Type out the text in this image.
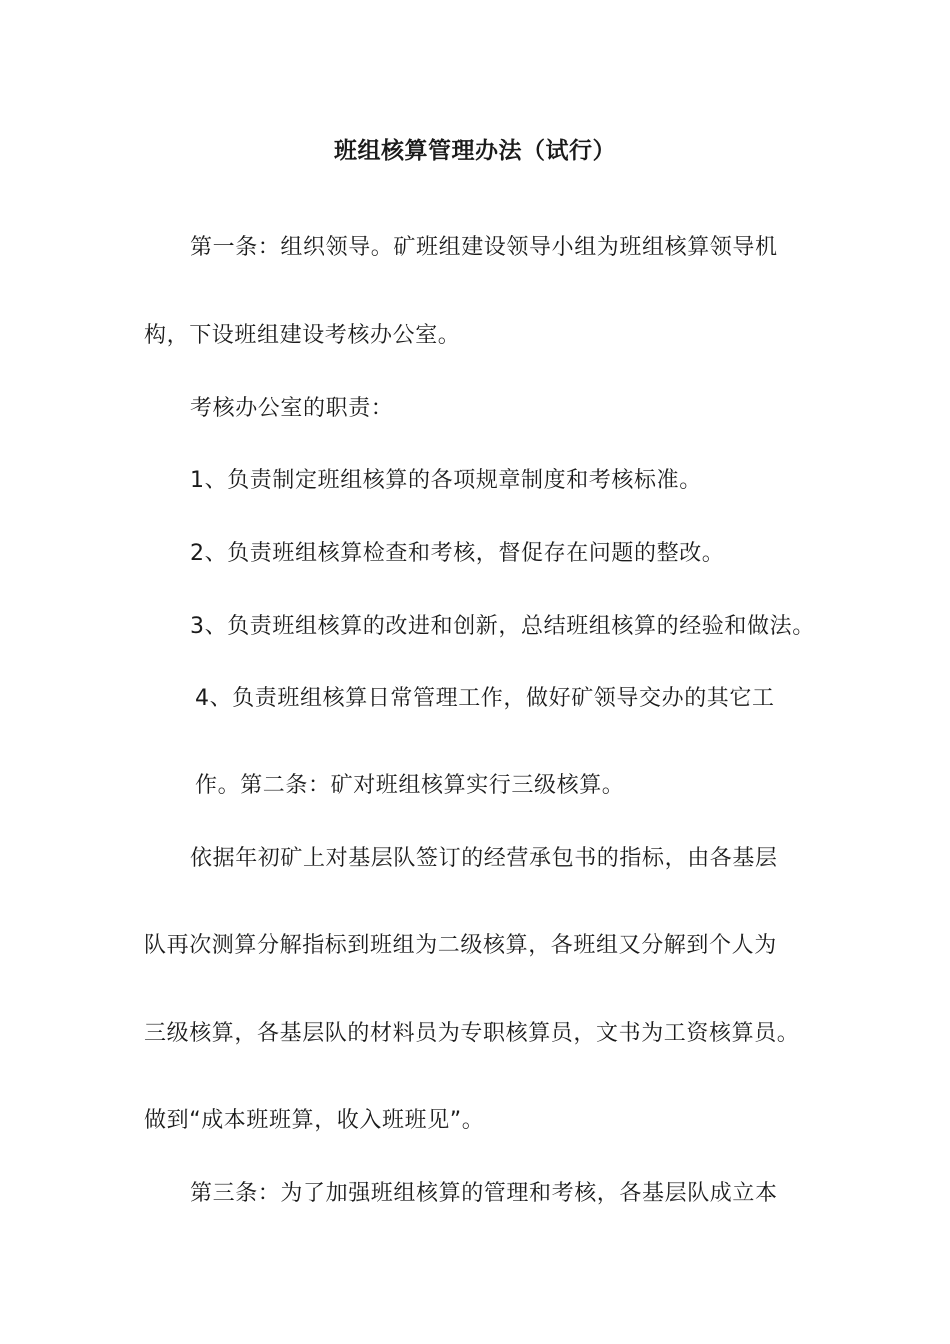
班组核算管理办法（试行）
第一条：组织领导。矿班组建设领导小组为班组核算领导机
构，下设班组建设考核办公室。
考核办公室的职责：
1、负责制定班组核算的各项规章制度和考核标准。
2、负责班组核算检查和考核，督促存在问题的整改。
3、负责班组核算的改进和创新，总结班组核算的经验和做法。
4、负责班组核算日常管理工作，做好矿领导交办的其它工
作。第二条：矿对班组核算实行三级核算。
依据年初矿上对基层队签订的经营承包书的指标，由各基层
队再次测算分解指标到班组为二级核算，各班组又分解到个人为
三级核算，各基层队的材料员为专职核算员，文书为工资核算员。
做到“成本班班算，收入班班见”。
第三条：为了加强班组核算的管理和考核，各基层队成立本
